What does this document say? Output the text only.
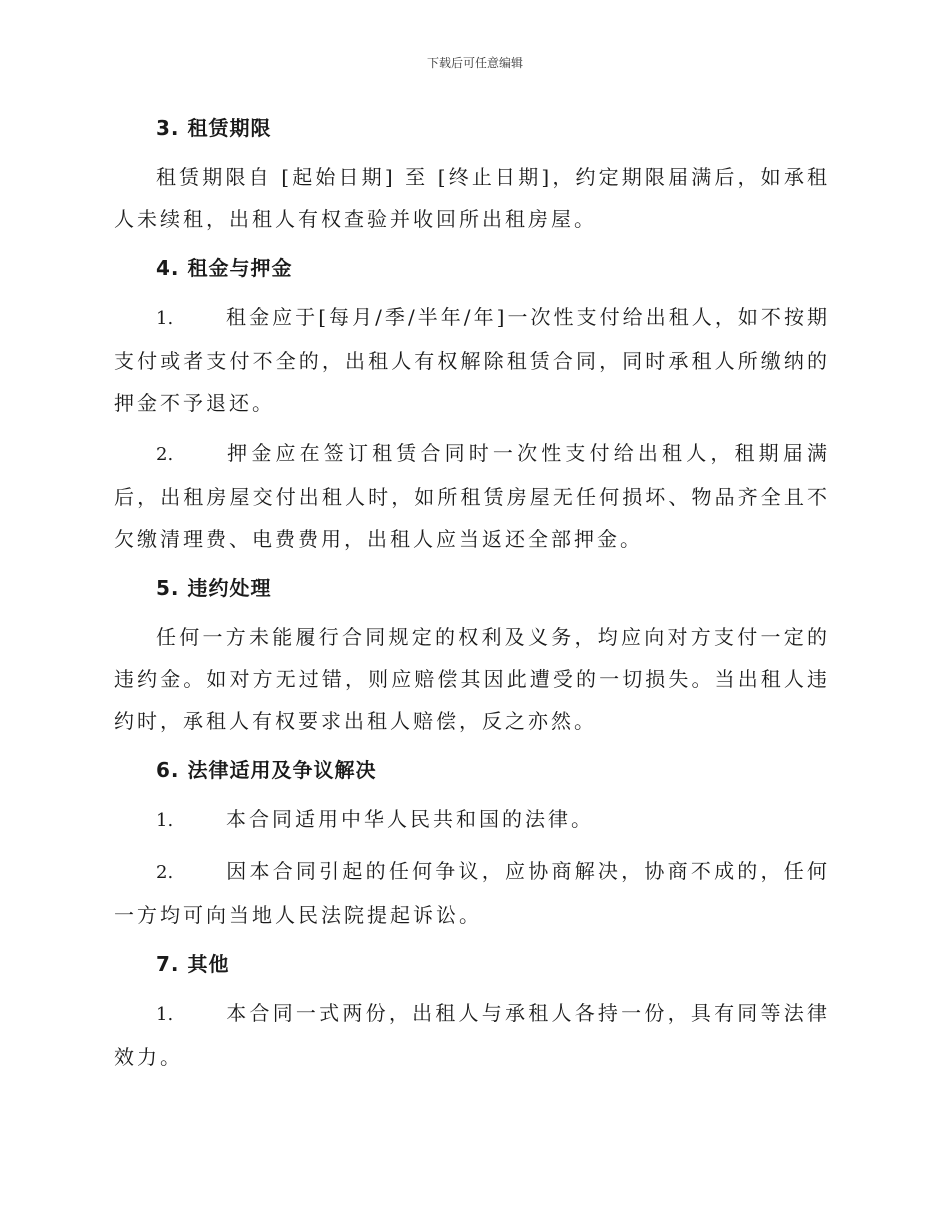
下载后可任意编辑
3. 租赁期限
租赁期限自 [起始日期] 至 [终止日期]，约定期限届满后，如承租人未续租，出租人有权查验并收回所出租房屋。
4. 租金与押金
1.	租金应于[每月/季/半年/年]一次性支付给出租人，如不按期支付或者支付不全的，出租人有权解除租赁合同，同时承租人所缴纳的押金不予退还。
2.	押金应在签订租赁合同时一次性支付给出租人，租期届满后，出租房屋交付出租人时，如所租赁房屋无任何损坏、物品齐全且不欠缴清理费、电费费用，出租人应当返还全部押金。
5. 违约处理
任何一方未能履行合同规定的权利及义务，均应向对方支付一定的违约金。如对方无过错，则应赔偿其因此遭受的一切损失。当出租人违约时，承租人有权要求出租人赔偿，反之亦然。
6. 法律适用及争议解决
1.	本合同适用中华人民共和国的法律。
2.	因本合同引起的任何争议，应协商解决，协商不成的，任何一方均可向当地人民法院提起诉讼。
7. 其他
1.	本合同一式两份，出租人与承租人各持一份，具有同等法律效力。
